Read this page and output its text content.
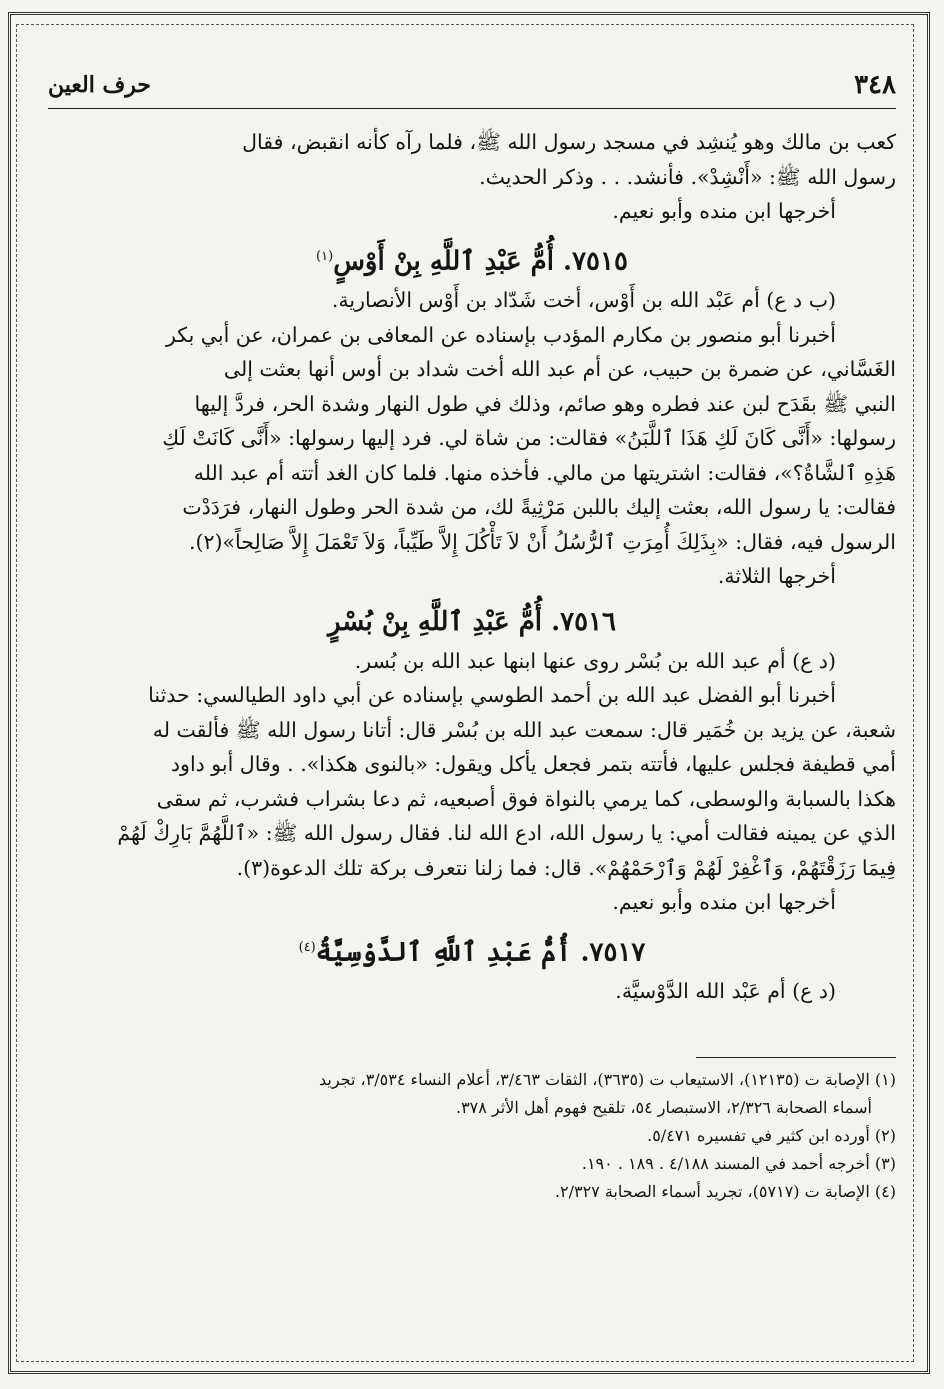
٣٤٨
حرف العين

كعب بن مالك وهو يُنشِد في مسجد رسول الله ﷺ، فلما رآه كأنه انقبض، فقال

رسول الله ﷺ: «أَنْشِدْ». فأنشد. . . وذكر الحديث.

أخرجها ابن منده وأبو نعيم.

٧٥١٥. أُمُّ عَبْدِ ٱللَّهِ بِنْ أَوْسٍ$^{(١)}$

(ب د ع) أم عَبْد الله بن أَوْس، أخت شَدّاد بن أَوْس الأنصارية.

أخبرنا أبو منصور بن مكارم المؤدب بإسناده عن المعافى بن عمران، عن أبي بكر

الغَسَّاني، عن ضمرة بن حبيب، عن أم عبد الله أخت شداد بن أوس أنها بعثت إلى

النبي ﷺ بقَدَح لبن عند فطره وهو صائم، وذلك في طول النهار وشدة الحر، فردَّ إليها

رسولها: «أَنَّى كَانَ لَكِ هَذَا ٱللَّبَنُ» فقالت: من شاة لي. فرد إليها رسولها: «أَنَّى كَانَتْ لَكِ

هَذِهِ ٱلشَّاةُ؟»، فقالت: اشتريتها من مالي. فأخذه منها. فلما كان الغد أتته أم عبد الله

فقالت: يا رسول الله، بعثت إليك باللبن مَرْثِيةً لك، من شدة الحر وطول النهار، فرَدَدْت

الرسول فيه، فقال: «بِذَلِكَ أُمِرَتِ ٱلرُّسُلُ أَنْ لاَ تَأْكُلَ إِلاَّ طَيِّباً، وَلاَ تَعْمَلَ إِلاَّ صَالِحاً»(٢).

أخرجها الثلاثة.

٧٥١٦. أُمُّ عَبْدِ ٱللَّهِ بِنْ بُسْرٍ

(د ع) أم عبد الله بن بُسْر روى عنها ابنها عبد الله بن بُسر.

أخبرنا أبو الفضل عبد الله بن أحمد الطوسي بإسناده عن أبي داود الطيالسي: حدثنا

شعبة، عن يزيد بن خُمَير قال: سمعت عبد الله بن بُسْر قال: أتانا رسول الله ﷺ فألقت له

أمي قطيفة فجلس عليها، فأتته بتمر فجعل يأكل ويقول: «بالنوى هكذا». . وقال أبو داود

هكذا بالسبابة والوسطى، كما يرمي بالنواة فوق أصبعيه، ثم دعا بشراب فشرب، ثم سقى

الذي عن يمينه فقالت أمي: يا رسول الله، ادع الله لنا. فقال رسول الله ﷺ: «ٱللَّهُمَّ بَارِكْ لَهُمْ

فِيمَا رَزَقْتَهُمْ، وَٱغْفِرْ لَهُمْ وَٱرْحَمْهُمْ». قال: فما زلنا نتعرف بركة تلك الدعوة(٣).

أخرجها ابن منده وأبو نعيم.

٧٥١٧. أُمُّ عَبْدِ ٱللَّهِ ٱلدَّوْسِيَّةُ$^{(٤)}$

(د ع) أم عَبْد الله الدَّوْسيَّة.

(١) الإصابة ت (١٢١٣٥)، الاستيعاب ت (٣٦٣٥)، الثقات ٣/٤٦٣، أعلام النساء ٣/٥٣٤، تجريد

أسماء الصحابة ٢/٣٢٦، الاستبصار ٥٤، تلقيح فهوم أهل الأثر ٣٧٨.

(٢) أورده ابن كثير في تفسيره ٥/٤٧١.

(٣) أخرجه أحمد في المسند ٤/١٨٨ . ١٨٩ . ١٩٠.

(٤) الإصابة ت (٥٧١٧)، تجريد أسماء الصحابة ٢/٣٢٧.
